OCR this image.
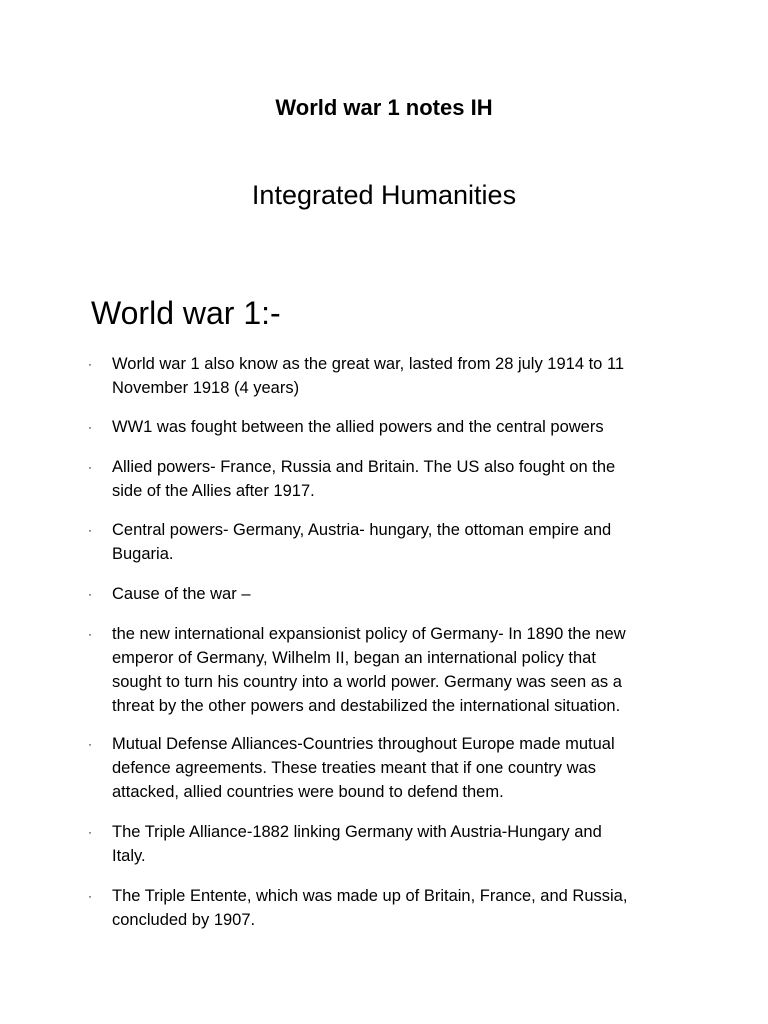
World war 1 notes IH
Integrated Humanities
World war 1:-
· World war 1 also know as the great war, lasted from 28 july 1914 to 11
November 1918 (4 years)
· WW1 was fought between the allied powers and the central powers
· Allied powers- France, Russia and Britain. The US also fought on the
side of the Allies after 1917.
· Central powers- Germany, Austria- hungary, the ottoman empire and
Bugaria.
· Cause of the war –
· the new international expansionist policy of Germany- In 1890 the new
emperor of Germany, Wilhelm II, began an international policy that
sought to turn his country into a world power. Germany was seen as a
threat by the other powers and destabilized the international situation.
· Mutual Defense Alliances-Countries throughout Europe made mutual
defence agreements. These treaties meant that if one country was
attacked, allied countries were bound to defend them.
· The Triple Alliance-1882 linking Germany with Austria-Hungary and
Italy.
· The Triple Entente, which was made up of Britain, France, and Russia,
concluded by 1907.
